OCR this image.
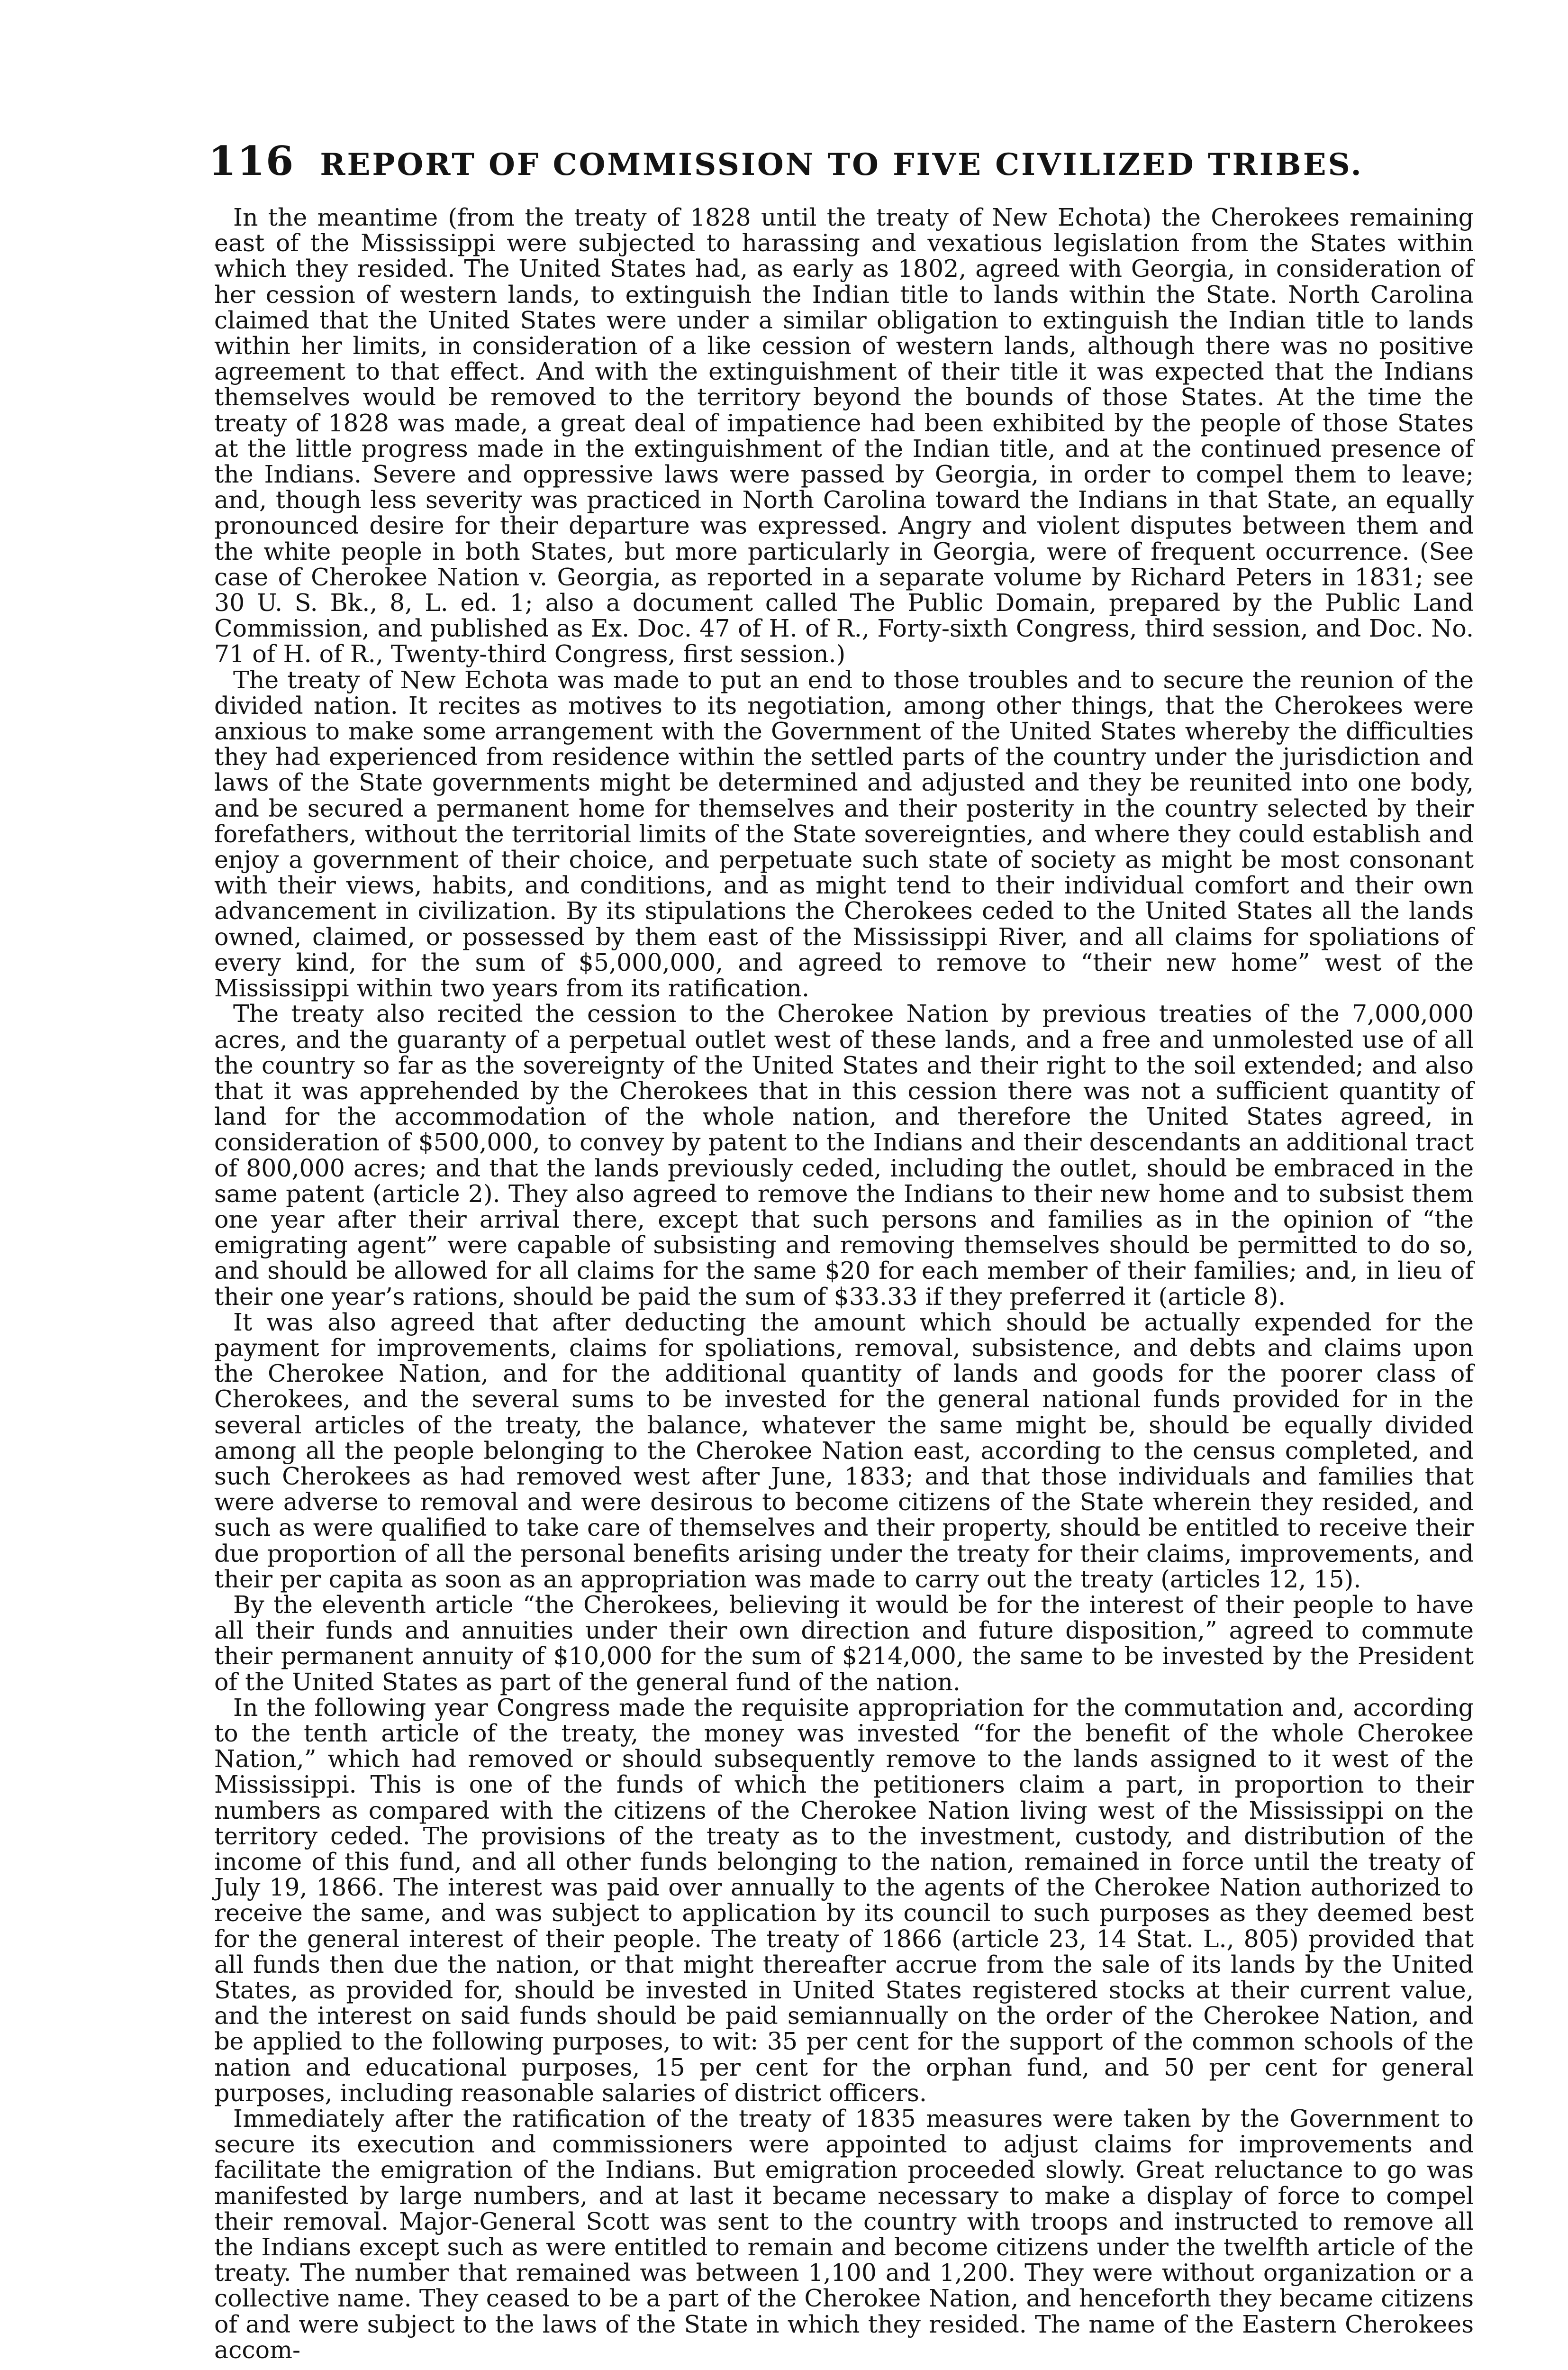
116 REPORT OF COMMISSION TO FIVE CIVILIZED TRIBES.

In the meantime (from the treaty of 1828 until the treaty of New Echota) the Cherokees remaining east of the Mississippi were subjected to harassing and vexatious legislation from the States within which they resided. The United States had, as early as 1802, agreed with Georgia, in consideration of her cession of western lands, to extinguish the Indian title to lands within the State. North Carolina claimed that the United States were under a similar obligation to extinguish the Indian title to lands within her limits, in consideration of a like cession of western lands, although there was no positive agreement to that effect. And with the extinguishment of their title it was expected that the Indians themselves would be removed to the territory beyond the bounds of those States. At the time the treaty of 1828 was made, a great deal of impatience had been exhibited by the people of those States at the little progress made in the extinguishment of the Indian title, and at the continued presence of the Indians. Severe and oppressive laws were passed by Georgia, in order to compel them to leave; and, though less severity was practiced in North Carolina toward the Indians in that State, an equally pronounced desire for their departure was expressed. Angry and violent disputes between them and the white people in both States, but more particularly in Georgia, were of frequent occurrence. (See case of Cherokee Nation v. Georgia, as reported in a separate volume by Richard Peters in 1831; see 30 U. S. Bk., 8, L. ed. 1; also a document called The Public Domain, prepared by the Public Land Commission, and published as Ex. Doc. 47 of H. of R., Forty-sixth Congress, third session, and Doc. No. 71 of H. of R., Twenty-third Congress, first session.)

The treaty of New Echota was made to put an end to those troubles and to secure the reunion of the divided nation. It recites as motives to its negotiation, among other things, that the Cherokees were anxious to make some arrangement with the Government of the United States whereby the difficulties they had experienced from residence within the settled parts of the country under the jurisdiction and laws of the State governments might be determined and adjusted and they be reunited into one body, and be secured a permanent home for themselves and their posterity in the country selected by their forefathers, without the territorial limits of the State sovereignties, and where they could establish and enjoy a government of their choice, and perpetuate such state of society as might be most consonant with their views, habits, and conditions, and as might tend to their individual comfort and their own advancement in civilization. By its stipulations the Cherokees ceded to the United States all the lands owned, claimed, or possessed by them east of the Mississippi River, and all claims for spoliations of every kind, for the sum of $5,000,000, and agreed to remove to “their new home” west of the Mississippi within two years from its ratification.

The treaty also recited the cession to the Cherokee Nation by previous treaties of the 7,000,000 acres, and the guaranty of a perpetual outlet west of these lands, and a free and unmolested use of all the country so far as the sovereignty of the United States and their right to the soil extended; and also that it was apprehended by the Cherokees that in this cession there was not a sufficient quantity of land for the accommodation of the whole nation, and therefore the United States agreed, in consideration of $500,000, to convey by patent to the Indians and their descendants an additional tract of 800,000 acres; and that the lands previously ceded, including the outlet, should be embraced in the same patent (article 2). They also agreed to remove the Indians to their new home and to subsist them one year after their arrival there, except that such persons and families as in the opinion of “the emigrating agent” were capable of subsisting and removing themselves should be permitted to do so, and should be allowed for all claims for the same $20 for each member of their families; and, in lieu of their one year’s rations, should be paid the sum of $33.33 if they preferred it (article 8).

It was also agreed that after deducting the amount which should be actually expended for the payment for improvements, claims for spoliations, removal, subsistence, and debts and claims upon the Cherokee Nation, and for the additional quantity of lands and goods for the poorer class of Cherokees, and the several sums to be invested for the general national funds provided for in the several articles of the treaty, the balance, whatever the same might be, should be equally divided among all the people belonging to the Cherokee Nation east, according to the census completed, and such Cherokees as had removed west after June, 1833; and that those individuals and families that were adverse to removal and were desirous to become citizens of the State wherein they resided, and such as were qualified to take care of themselves and their property, should be entitled to receive their due proportion of all the personal benefits arising under the treaty for their claims, improvements, and their per capita as soon as an appropriation was made to carry out the treaty (articles 12, 15).

By the eleventh article “the Cherokees, believing it would be for the interest of their people to have all their funds and annuities under their own direction and future disposition,” agreed to commute their permanent annuity of $10,000 for the sum of $214,000, the same to be invested by the President of the United States as part of the general fund of the nation.

In the following year Congress made the requisite appropriation for the commutation and, according to the tenth article of the treaty, the money was invested “for the benefit of the whole Cherokee Nation,” which had removed or should subsequently remove to the lands assigned to it west of the Mississippi. This is one of the funds of which the petitioners claim a part, in proportion to their numbers as compared with the citizens of the Cherokee Nation living west of the Mississippi on the territory ceded. The provisions of the treaty as to the investment, custody, and distribution of the income of this fund, and all other funds belonging to the nation, remained in force until the treaty of July 19, 1866. The interest was paid over annually to the agents of the Cherokee Nation authorized to receive the same, and was subject to application by its council to such purposes as they deemed best for the general interest of their people. The treaty of 1866 (article 23, 14 Stat. L., 805) provided that all funds then due the nation, or that might thereafter accrue from the sale of its lands by the United States, as provided for, should be invested in United States registered stocks at their current value, and the interest on said funds should be paid semiannually on the order of the Cherokee Nation, and be applied to the following purposes, to wit: 35 per cent for the support of the common schools of the nation and educational purposes, 15 per cent for the orphan fund, and 50 per cent for general purposes, including reasonable salaries of district officers.

Immediately after the ratification of the treaty of 1835 measures were taken by the Government to secure its execution and commissioners were appointed to adjust claims for improvements and facilitate the emigration of the Indians. But emigration proceeded slowly. Great reluctance to go was manifested by large numbers, and at last it became necessary to make a display of force to compel their removal. Major-General Scott was sent to the country with troops and instructed to remove all the Indians except such as were entitled to remain and become citizens under the twelfth article of the treaty. The number that remained was between 1,100 and 1,200. They were without organization or a collective name. They ceased to be a part of the Cherokee Nation, and henceforth they became citizens of and were subject to the laws of the State in which they resided. The name of the Eastern Cherokees accom-
